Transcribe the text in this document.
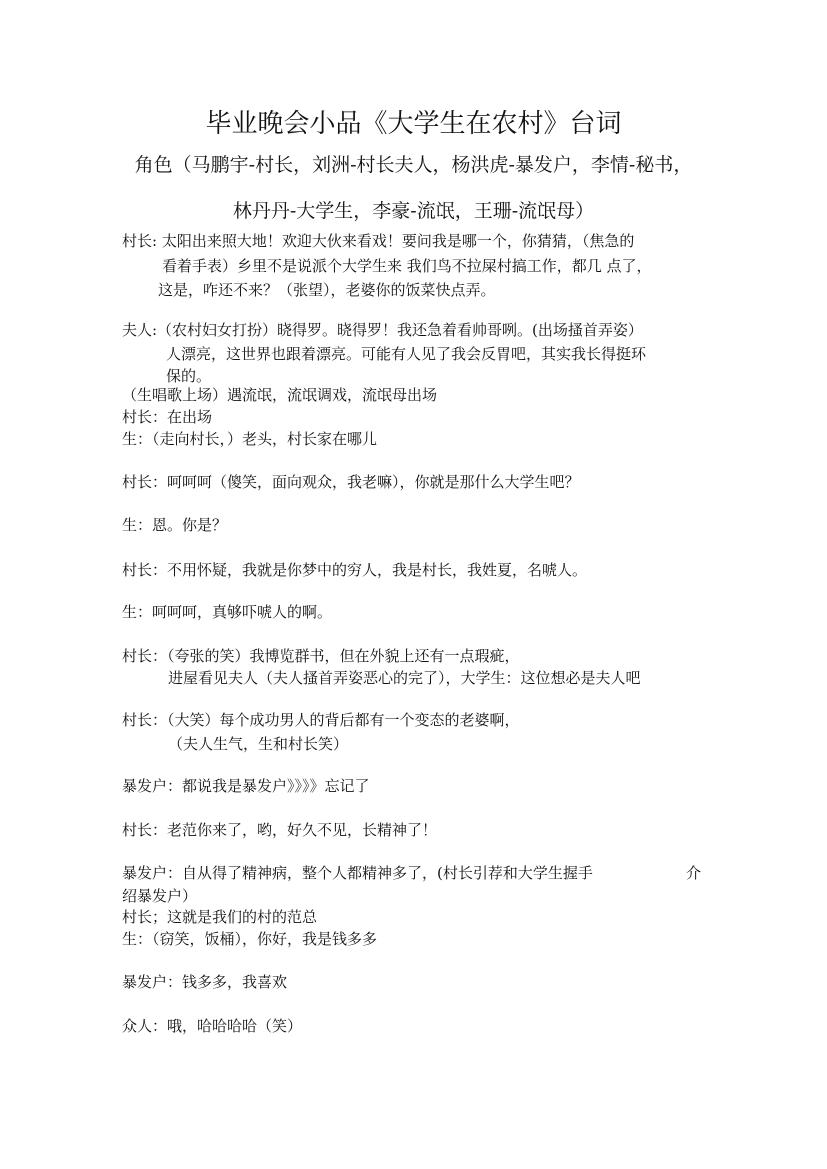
毕业晚会小品《大学生在农村》台词
角色（马鹏宇-村长，刘洲-村长夫人，杨洪虎-暴发户，李情-秘书，
林丹丹-大学生，李豪-流氓，王珊-流氓母）
村长: 太阳出来照大地！欢迎大伙来看戏！要问我是哪一个，你猜猜，（焦急的
看着手表）乡里不是说派个大学生来 我们鸟不拉屎村搞工作，都几 点了，
这是，咋还不来？（张望），老婆你的饭菜快点弄。
夫人:（农村妇女打扮）晓得罗。晓得罗！我还急着看帅哥咧。(出场搔首弄姿）
人漂亮，这世界也跟着漂亮。可能有人见了我会反胃吧，其实我长得挺环
保的。
（生唱歌上场）遇流氓，流氓调戏，流氓母出场
村长：在出场
生：（走向村长，）老头，村长家在哪儿
村长：呵呵呵（傻笑，面向观众，我老嘛），你就是那什么大学生吧？
生：恩。你是？
村长：不用怀疑，我就是你梦中的穷人，我是村长，我姓夏，名唬人。
生：呵呵呵，真够吓唬人的啊。
村长：（夸张的笑）我博览群书，但在外貌上还有一点瑕疵，
进屋看见夫人（夫人搔首弄姿恶心的完了），大学生：这位想必是夫人吧
村长：（大笑）每个成功男人的背后都有一个变态的老婆啊，
（夫人生气，生和村长笑）
暴发户：都说我是暴发户》》》》忘记了
村长：老范你来了，哟，好久不见，长精神了！
暴发户：自从得了精神病，整个人都精神多了，(村长引荐和大学生握手	介
绍暴发户）
村长；这就是我们的村的范总
生：（窃笑，饭桶），你好，我是钱多多
暴发户：钱多多，我喜欢
众人：哦，哈哈哈哈（笑）
